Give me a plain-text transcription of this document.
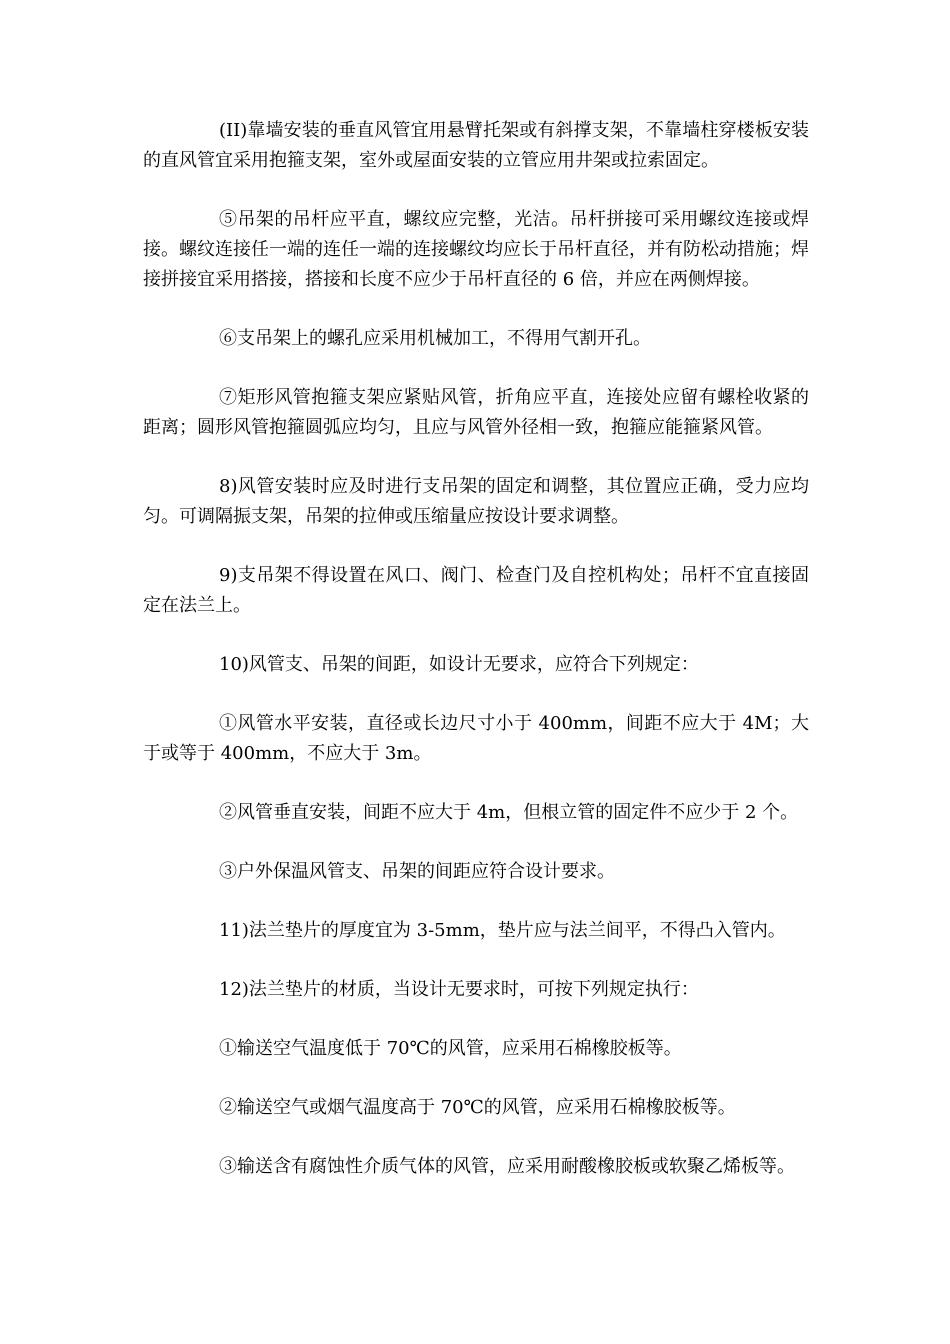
(II)靠墙安装的垂直风管宜用悬臂托架或有斜撑支架，不靠墙柱穿楼板安装的直风管宜采用抱箍支架，室外或屋面安装的立管应用井架或拉索固定。

⑤吊架的吊杆应平直，螺纹应完整，光洁。吊杆拼接可采用螺纹连接或焊接。螺纹连接任一端的连任一端的连接螺纹均应长于吊杆直径，并有防松动措施；焊接拼接宜采用搭接，搭接和长度不应少于吊杆直径的 6 倍，并应在两侧焊接。

⑥支吊架上的螺孔应采用机械加工，不得用气割开孔。

⑦矩形风管抱箍支架应紧贴风管，折角应平直，连接处应留有螺栓收紧的距离；圆形风管抱箍圆弧应均匀，且应与风管外径相一致，抱箍应能箍紧风管。

8)风管安装时应及时进行支吊架的固定和调整，其位置应正确，受力应均匀。可调隔振支架，吊架的拉伸或压缩量应按设计要求调整。

9)支吊架不得设置在风口、阀门、检查门及自控机构处；吊杆不宜直接固定在法兰上。

10)风管支、吊架的间距，如设计无要求，应符合下列规定：

①风管水平安装，直径或长边尺寸小于 400mm，间距不应大于 4M；大于或等于 400mm，不应大于 3m。

②风管垂直安装，间距不应大于 4m，但根立管的固定件不应少于 2 个。

③户外保温风管支、吊架的间距应符合设计要求。

11)法兰垫片的厚度宜为 3-5mm，垫片应与法兰间平，不得凸入管内。

12)法兰垫片的材质，当设计无要求时，可按下列规定执行：

①输送空气温度低于 70℃的风管，应采用石棉橡胶板等。

②输送空气或烟气温度高于 70℃的风管，应采用石棉橡胶板等。

③输送含有腐蚀性介质气体的风管，应采用耐酸橡胶板或软聚乙烯板等。
